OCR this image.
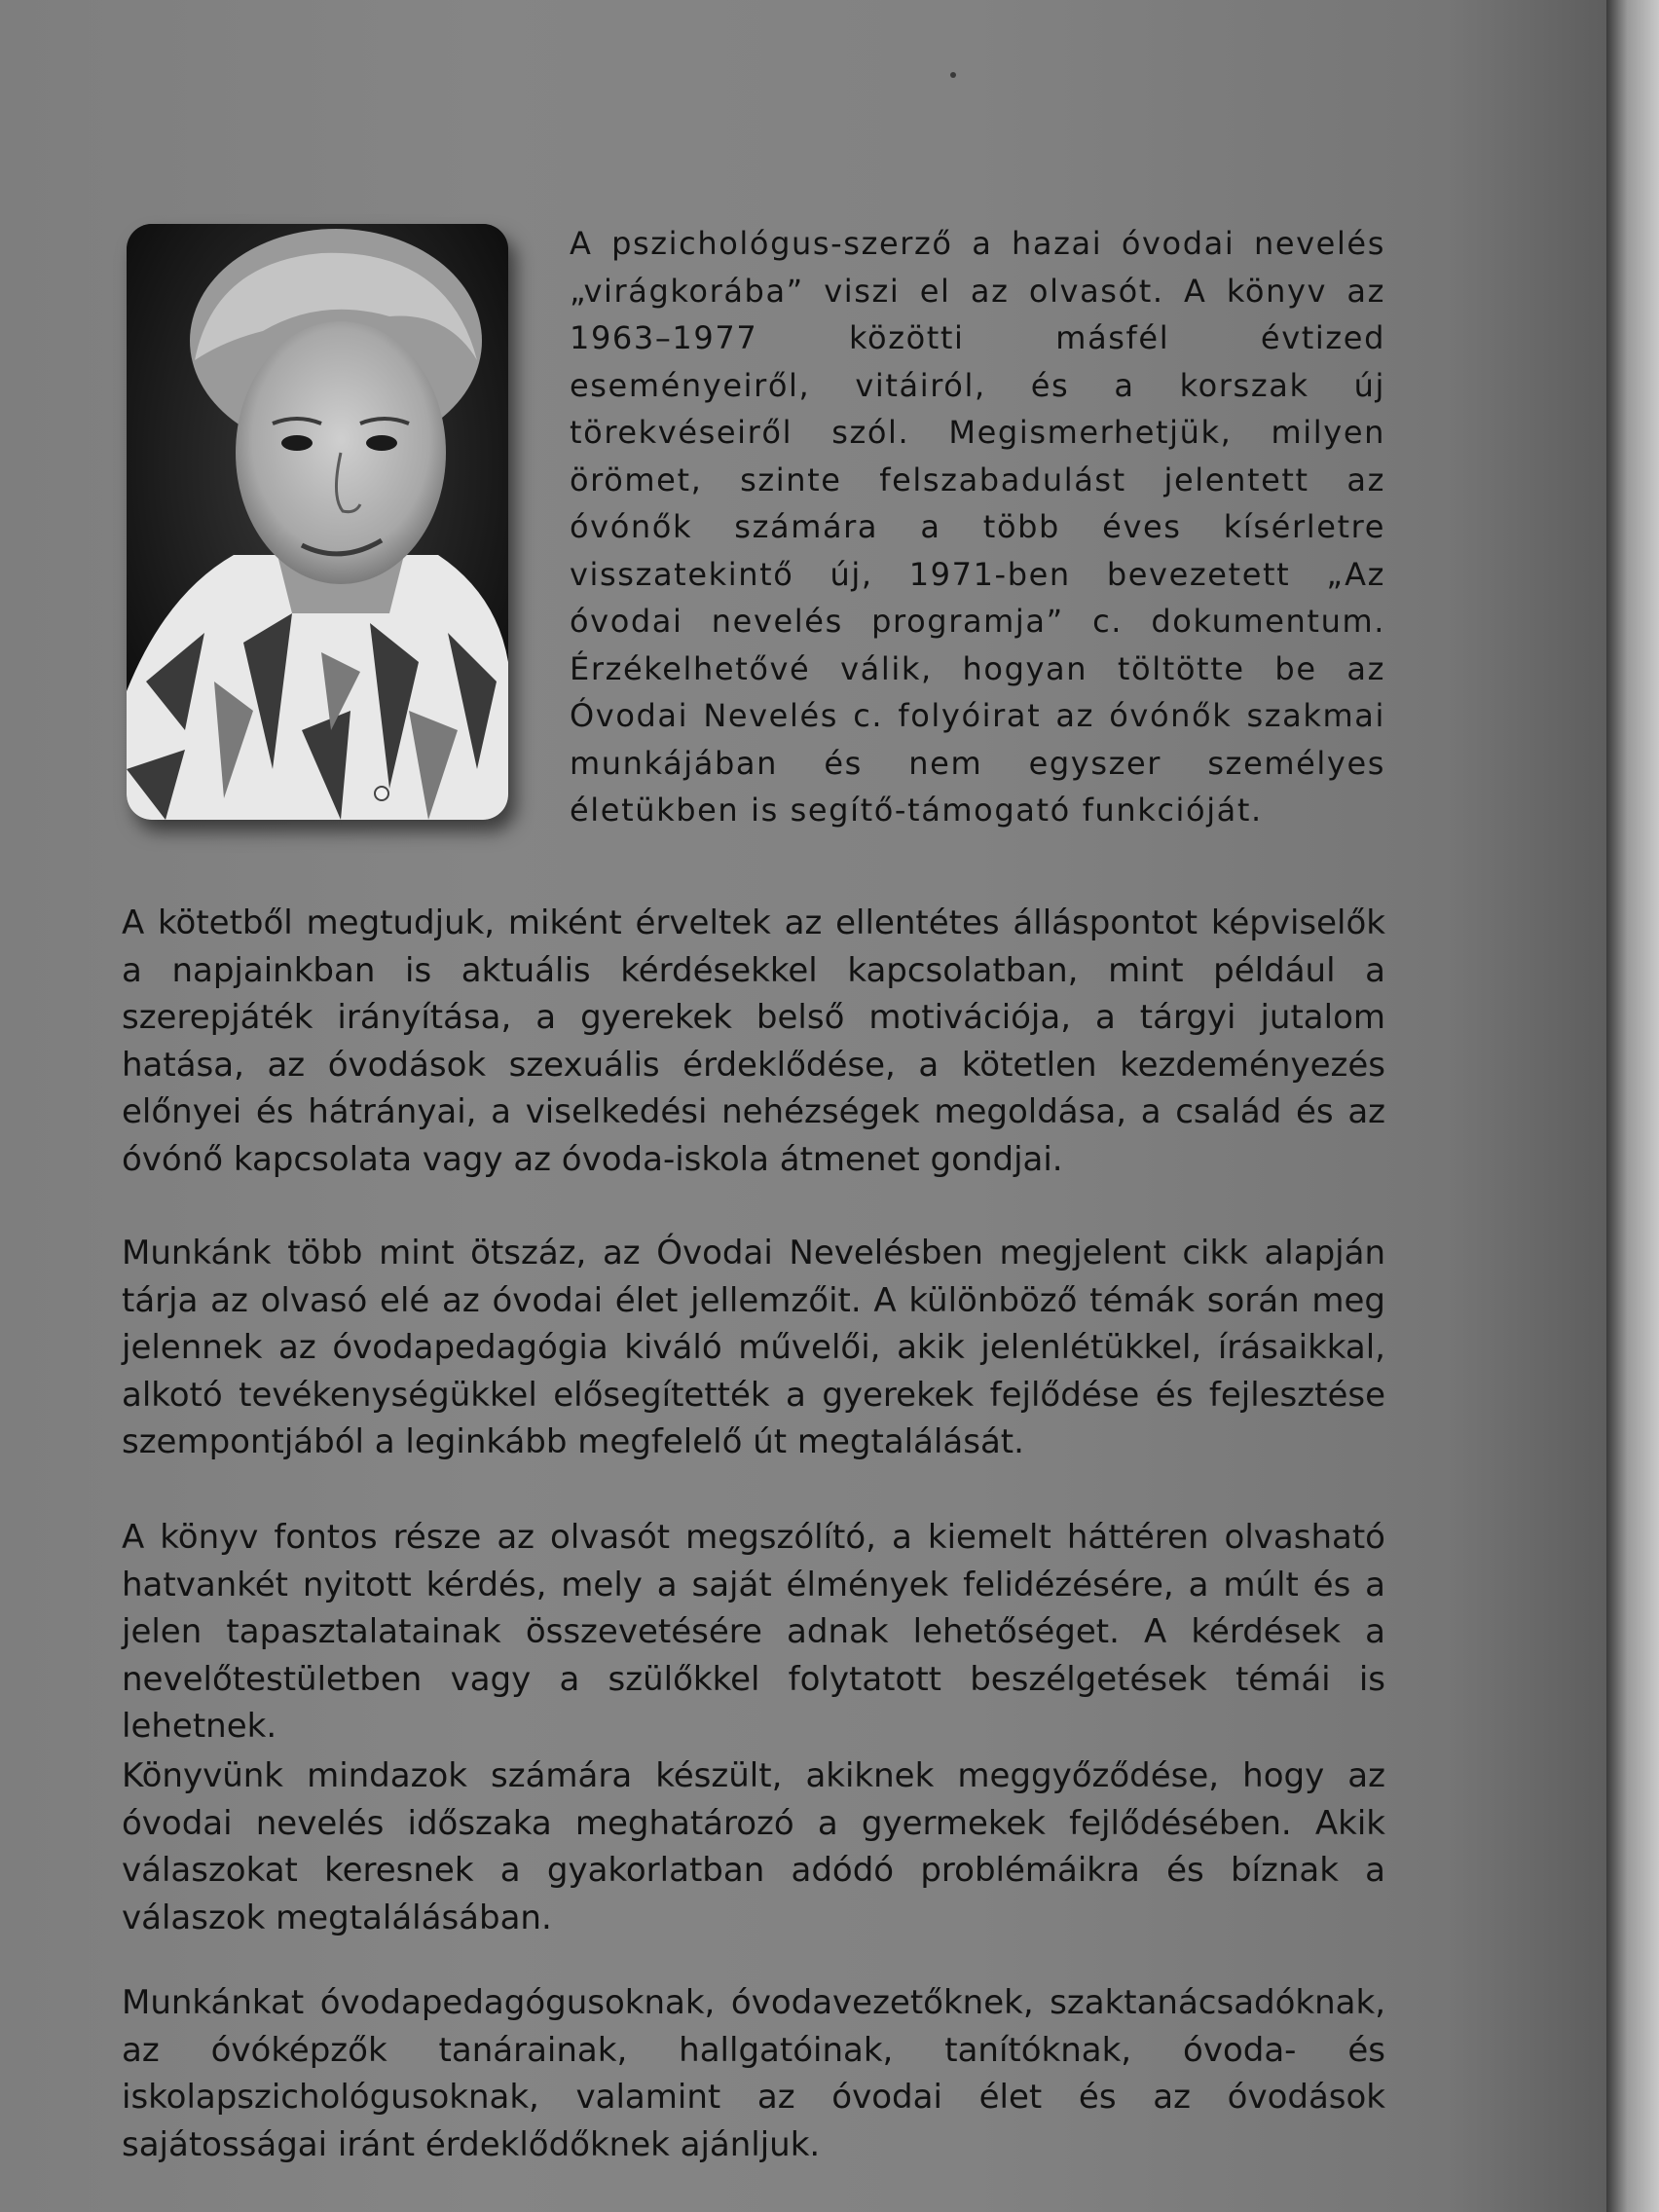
A pszichológus-szerző a hazai óvodai nevelés „virágkorába” viszi el az olvasót. A könyv az 1963–1977 közötti másfél évtized eseményeiről, vitáiról, és a korszak új törekvéseiről szól. Megismerhetjük, milyen örömet, szinte felszabadulást jelentett az óvónők számára a több éves kísérletre visszatekintő új, 1971-ben bevezetett „Az óvodai nevelés programja” c. dokumentum. Érzékelhetővé válik, hogyan töltötte be az Óvodai Nevelés c. folyóirat az óvónők szakmai munkájában és nem egyszer személyes életükben is segítő-támogató funkcióját.
A kötetből megtudjuk, miként érveltek az ellentétes álláspontot képviselők a napjainkban is aktuális kérdésekkel kapcsolatban, mint például a szerepjáték irányítása, a gyerekek belső motivációja, a tárgyi jutalom hatása, az óvodások szexuális érdeklődése, a kötetlen kezdeményezés előnyei és hátrányai, a viselkedési nehézségek megoldása, a család és az óvónő kapcsolata vagy az óvoda-iskola átmenet gondjai.
Munkánk több mint ötszáz, az Óvodai Nevelésben megjelent cikk alapján tárja az olvasó elé az óvodai élet jellemzőit. A különböző témák során meg jelennek az óvodapedagógia kiváló művelői, akik jelenlétükkel, írásaikkal, alkotó tevékenységükkel elősegítették a gyerekek fejlődése és fejlesztése szempontjából a leginkább megfelelő út megtalálását.
A könyv fontos része az olvasót megszólító, a kiemelt háttéren olvasható hatvankét nyitott kérdés, mely a saját élmények felidézésére, a múlt és a jelen tapasztalatainak összevetésére adnak lehetőséget. A kérdések a nevelőtestületben vagy a szülőkkel folytatott beszélgetések témái is lehetnek.
Könyvünk mindazok számára készült, akiknek meggyőződése, hogy az óvodai nevelés időszaka meghatározó a gyermekek fejlődésében. Akik válaszokat keresnek a gyakorlatban adódó problémáikra és bíznak a válaszok megtalálásában.
Munkánkat óvodapedagógusoknak, óvodavezetőknek, szaktanácsadóknak, az óvóképzők tanárainak, hallgatóinak, tanítóknak, óvoda- és iskolapszichológusoknak, valamint az óvodai élet és az óvodások sajátosságai iránt érdeklődőknek ajánljuk.
